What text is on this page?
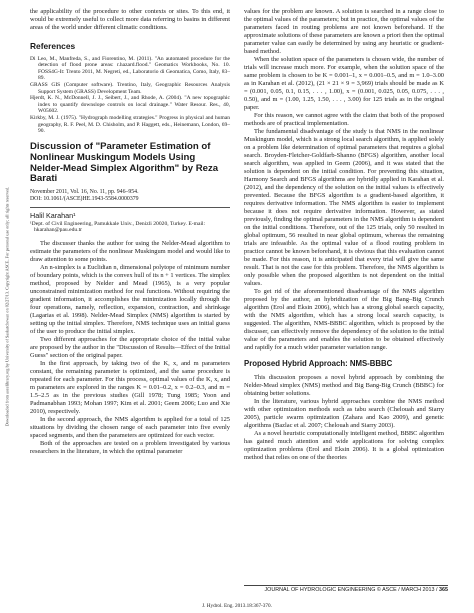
Downloaded from ascelibrary.org by University of Saskatchewan on 02/27/13. Copyright ASCE. For personal use only; all rights reserved.

the applicability of the procedure to other contexts or sites. To this end, it would be extremely useful to collect more data referring to basins in different areas of the world under different climatic conditions.

References

Di Leo, M., Manfreda, S., and Fiorentino, M. (2011). "An automated procedure for the detection of flood prone areas: r.hazard.flood." Geomatics Workbooks, No. 10. FOSS4G-It: Trento 2011, M. Negreti, ed., Laboratorio di Geomatica, Como, Italy, 83–89.

GRASS GIS (Computer software). Trentino, Italy, Geographic Resources Analysis Support System (GRASS) Development Team.

Hjerdt, K. N., McDonnell, J. J., Seibert, J., and Rhode, A. (2004). "A new topographic index to quantify downslope controls on local drainage." Water Resour. Res., 40, W05602.

Kirkby, M. J. (1975). "Hydrograph modelling strategies." Progress in physical and human geography, R. F. Peel, M. D. Chisholm, and P. Haggett, eds., Heinemann, London, 69–90.

Discussion of "Parameter Estimation of Nonlinear Muskingum Models Using Nelder-Mead Simplex Algorithm" by Reza Barati

November 2011, Vol. 16, No. 11, pp. 946–954.

DOI: 10.1061/(ASCE)HE.1943-5584.0000379

Halil Karahan¹

¹Dept. of Civil Engineering, Pamukkale Univ., Denizli 20020, Turkey. E-mail: hkarahan@pau.edu.tr

The discusser thanks the author for using the Nelder-Mead algorithm to estimate the parameters of the nonlinear Muskingum model and would like to draw attention to some points.

An n-simplex is a Euclidian n, dimensional polytope of minimum number of boundary points, which is the convex hull of its n + 1 vertices. The simplex method, proposed by Nelder and Mead (1965), is a very popular unconstrained minimization method for real functions. Without requiring the gradient information, it accomplishes the minimization locally through the four operations, namely, reflection, expansion, contraction, and shrinkage (Lagarias et al. 1998). Nelder-Mead Simplex (NMS) algorithm is started by setting up the initial simplex. Therefore, NMS technique uses an initial guess of the user to produce the initial simplex.

Two different approaches for the appropriate choice of the initial value are proposed by the author in the "Discussion of Results—Effect of the Initial Guess" section of the original paper.

In the first approach, by taking two of the K, x, and m parameters constant, the remaining parameter is optimized, and the same procedure is repeated for each parameter. For this process, optimal values of the K, x, and m parameters are explored in the ranges K = 0.01–0.2, x = 0.2–0.3, and m = 1.5–2.5 as in the previous studies (Gill 1978; Tung 1985; Yoon and Padmanabhan 1993; Mohan 1997; Kim et al. 2001; Geem 2006; Luo and Xie 2010), respectively.

In the second approach, the NMS algorithm is applied for a total of 125 situations by dividing the chosen range of each parameter into five evenly spaced segments, and then the parameters are optimized for each vector.

Both of the approaches are tested on a problem investigated by various researchers in the literature, in which the optimal parameter

values for the problem are known. A solution is searched in a range close to the optimal values of the parameters; but in practice, the optimal values of the parameters faced in routing problems are not known beforehand. If the approximate solutions of these parameters are known a priori then the optimal parameter value can easily be determined by using any heuristic or gradient-based method.

When the solution space of the parameters is chosen wide, the number of trials will increase much more. For example, when the solution space of the same problem is chosen to be K = 0.001–1, x = 0.001–0.5, and m = 1.0–3.00 as in Karahan et al. (2012), (21 × 21 × 9 = 3,969) trials should be made as K = (0.001, 0.05, 0.1, 0.15, . . . , 1.00), x = (0.001, 0.025, 0.05, 0.075, . . . , 0.50), and m = (1.00, 1.25, 1.50, . . . , 3.00) for 125 trials as in the original paper.

For this reason, we cannot agree with the claim that both of the proposed methods are of practical implementation.

The fundamental disadvantage of the study is that NMS in the nonlinear Muskingum model, which is a strong local search algorithm, is applied solely on a problem like determination of optimal parameters that requires a global search. Broyden-Fletcher-Goldfarb-Shanno (BFGS) algorithm, another local search algorithm, was applied in Geem (2006), and it was stated that the solution is dependent on the initial condition. For preventing this situation, Harmony Search and BFGS algorithms are hybridly applied in Karahan et al. (2012), and the dependency of the solution on the initial values is effectively prevented. Because the BFGS algorithm is a gradient-based algorithm, it requires derivative information. The NMS algorithm is easier to implement because it does not require derivative information. However, as stated previously, finding the optimal parameters in the NMS algorithm is dependent on the initial conditions. Therefore, out of the 125 trials, only 50 resulted in global optimum, 56 resulted in near global optimum, whereas the remaining trials are infeasible. As the optimal value of a flood routing problem in practice cannot be known beforehand, it is obvious that this evaluation cannot be made. For this reason, it is anticipated that every trial will give the same result. That is not the case for this problem. Therefore, the NMS algorithm is only possible when the proposed algorithm is not dependent on the initial values.

To get rid of the aforementioned disadvantage of the NMS algorithm proposed by the author, an hybridization of the Big Bang–Big Crunch algorithm (Erol and Eksin 2006), which has a strong global search capacity, with the NMS algorithm, which has a strong local search capacity, is suggested. The algorithm, NMS-BBBC algorithm, which is proposed by the discusser, can effectively remove the dependency of the solution to the initial value of the parameters and enables the solution to be obtained effectively and rapidly for a much wider parameter variation range.

Proposed Hybrid Approach: NMS-BBBC

This discussion proposes a novel hybrid approach by combining the Nelder-Mead simplex (NMS) method and Big Bang-Big Crunch (BBBC) for obtaining better solutions.

In the literature, various hybrid approaches combine the NMS method with other optimization methods such as tabu search (Chelouah and Siarry 2005), particle swarm optimization (Zahara and Kao 2009), and genetic algorithms (Bazlac et al. 2007; Chelouah and Siarry 2003).

As a novel heuristic computationally intelligent method, BBBC algorithm has gained much attention and wide applications for solving complex optimization problems (Erol and Eksin 2006). It is a global optimization method that relies on one of the theories

JOURNAL OF HYDROLOGIC ENGINEERING © ASCE / MARCH 2013 / 365
J. Hydrol. Eng. 2013.18:367-370.
